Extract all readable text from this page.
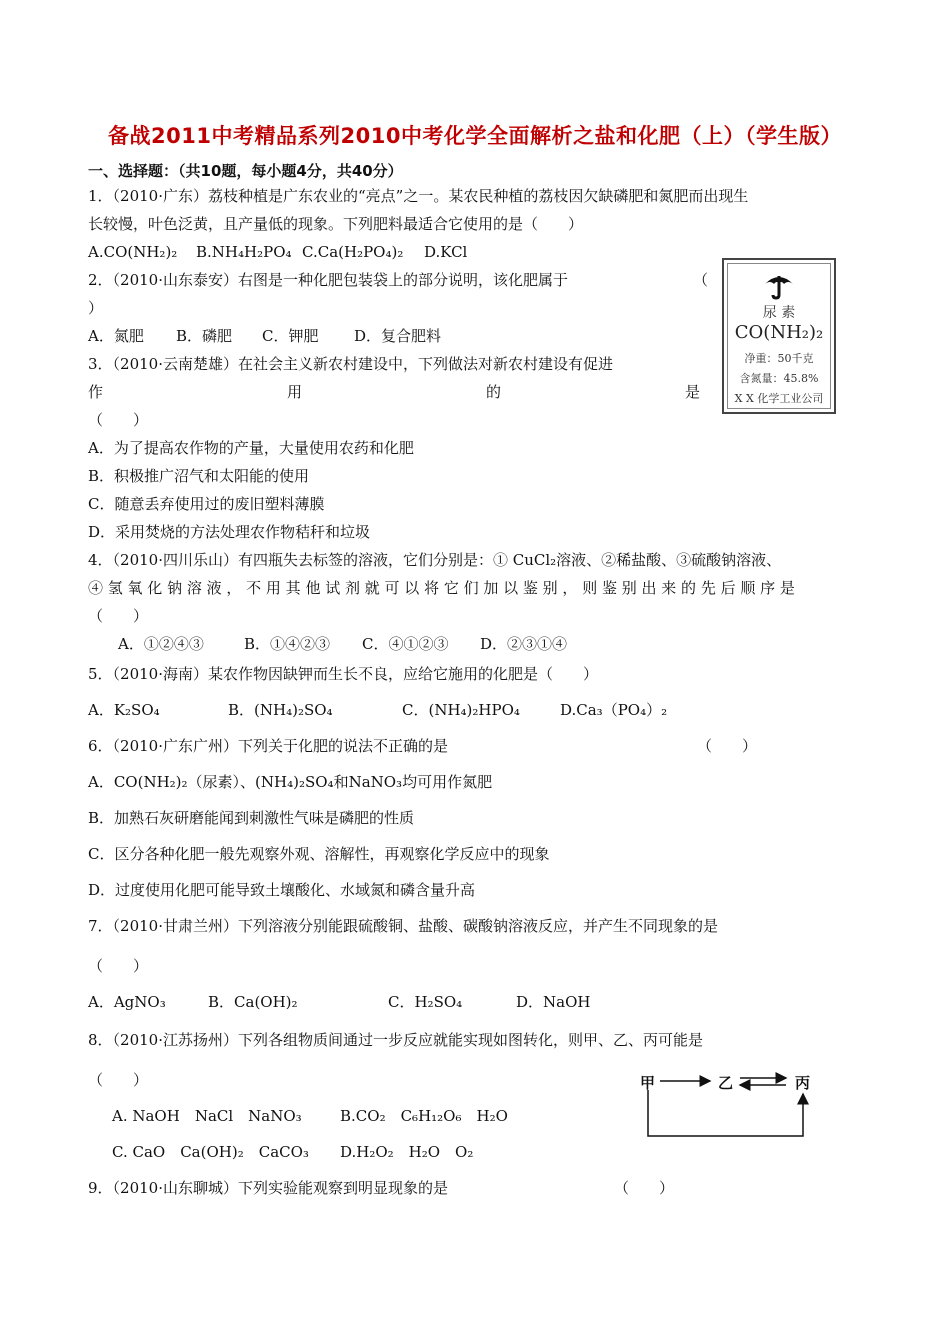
备战2011中考精品系列2010中考化学全面解析之盐和化肥（上）（学生版）
一、选择题：（共10题，每小题4分，共40分）
1．（2010·广东）荔枝种植是广东农业的“亮点”之一。某农民种植的荔枝因欠缺磷肥和氮肥而出现生
长较慢，叶色泛黄，且产量低的现象。下列肥料最适合它使用的是（　　）
A.CO(NH₂)₂ B.NH₄H₂PO₄ C.Ca(H₂PO₄)₂ D.KCl
2．（2010·山东泰安）右图是一种化肥包装袋上的部分说明，该化肥属于	（
）
A．氮肥 B．磷肥 C．钾肥 D．复合肥料
尿 素
CO(NH₂)₂
净重：50千克
含氮量：45.8%
X X 化学工业公司
3．（2010·云南楚雄）在社会主义新农村建设中，下列做法对新农村建设有促进
作	用	的	是
（　　）
A．为了提高农作物的产量，大量使用农药和化肥
B．积极推广沼气和太阳能的使用
C．随意丢弃使用过的废旧塑料薄膜
D．采用焚烧的方法处理农作物秸秆和垃圾
4．（2010·四川乐山）有四瓶失去标签的溶液，它们分别是：① CuCl₂溶液、②稀盐酸、③硫酸钠溶液、
④ 氢 氧 化 钠 溶 液 ， 不 用 其 他 试 剂 就 可 以 将 它 们 加 以 鉴 别 ， 则 鉴 别 出 来 的 先 后 顺 序 是
（　　）
A．①②④③	B．①④②③ C．④①②③ D．②③①④
5．（2010·海南）某农作物因缺钾而生长不良，应给它施用的化肥是（　　）
A．K₂SO₄	B．(NH₄)₂SO₄	C．(NH₄)₂HPO₄	D.Ca₃（PO₄）₂
6．（2010·广东广州）下列关于化肥的说法不正确的是	（　　）
A．CO(NH₂)₂（尿素）、(NH₄)₂SO₄和NaNO₃均可用作氮肥
B．加熟石灰研磨能闻到刺激性气味是磷肥的性质
C．区分各种化肥一般先观察外观、溶解性，再观察化学反应中的现象
D．过度使用化肥可能导致土壤酸化、水域氮和磷含量升高
7．（2010·甘肃兰州）下列溶液分别能跟硫酸铜、盐酸、碳酸钠溶液反应，并产生不同现象的是
（　　）
A．AgNO₃	B．Ca(OH)₂	C．H₂SO₄	D．NaOH
8．（2010·江苏扬州）下列各组物质间通过一步反应就能实现如图转化，则甲、乙、丙可能是
（　　）
A. NaOH　NaCl　NaNO₃	B.CO₂　C₆H₁₂O₆　H₂O
C. CaO　Ca(OH)₂　CaCO₃ D.H₂O₂　H₂O　O₂
甲	乙	丙
9．（2010·山东聊城）下列实验能观察到明显现象的是	（　　）
